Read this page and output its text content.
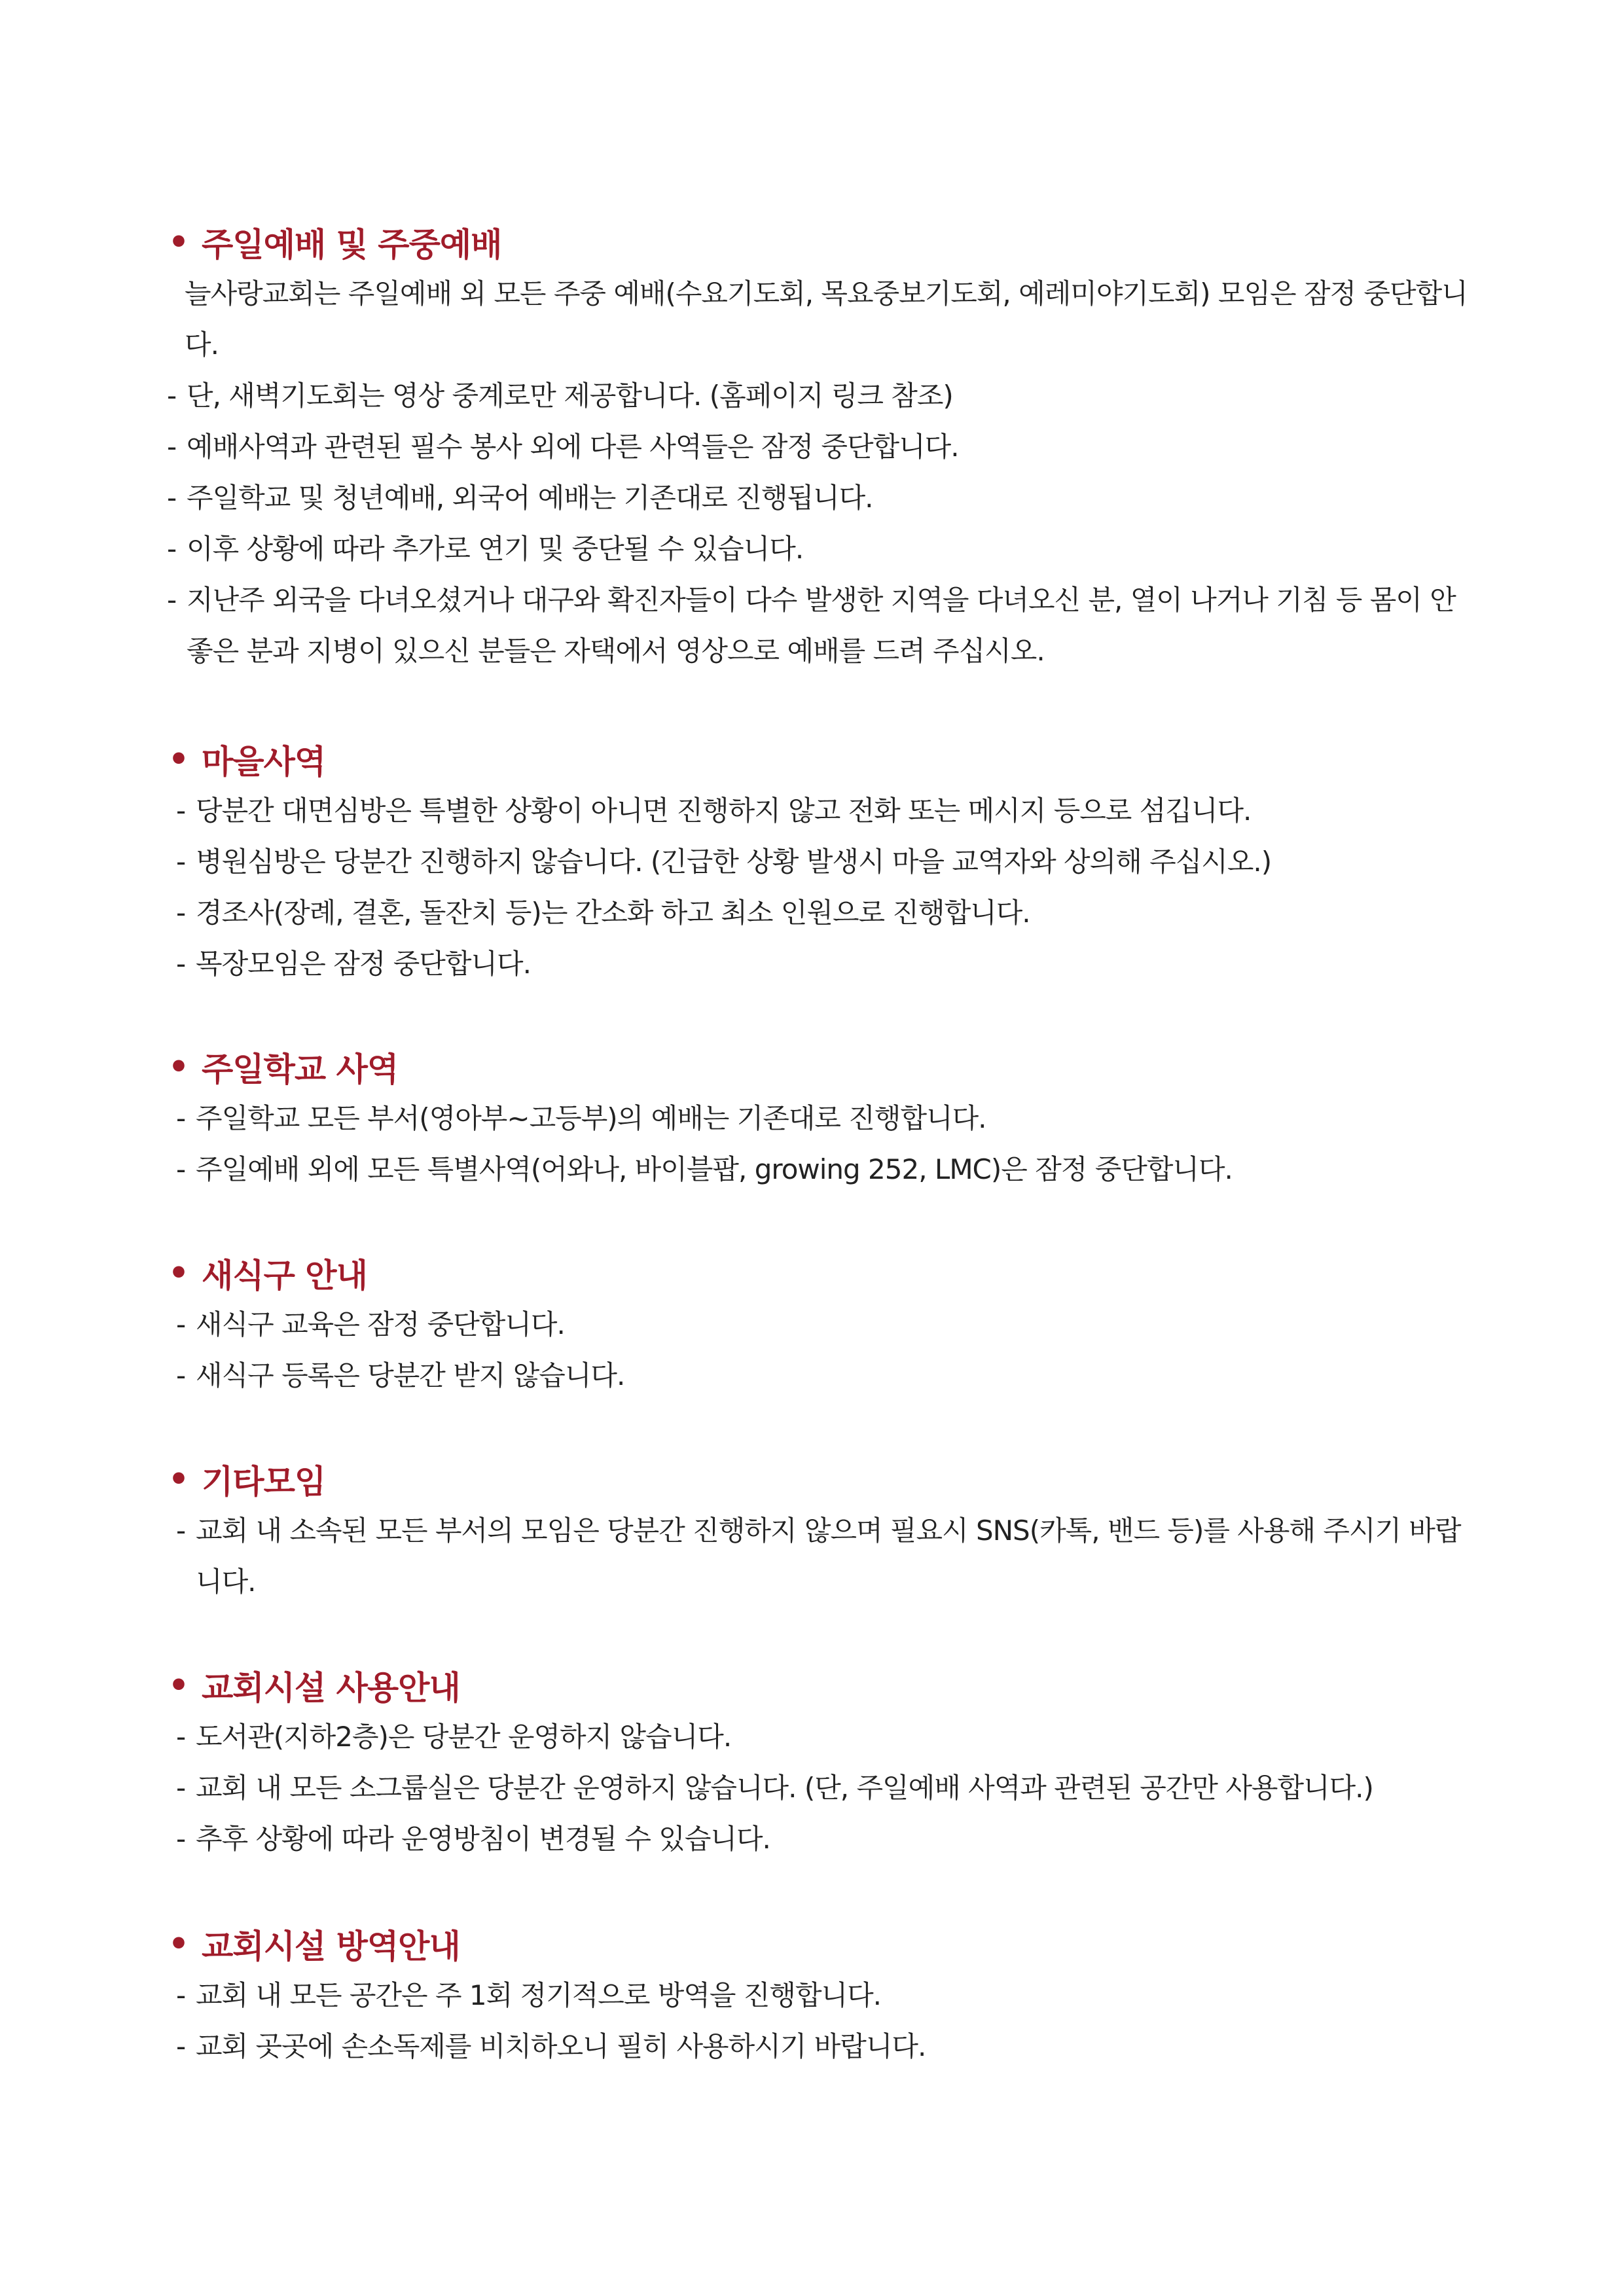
• 주일예배 및 주중예배
늘사랑교회는 주일예배 외 모든 주중 예배(수요기도회, 목요중보기도회, 예레미야기도회) 모임은 잠정 중단합니다.
- 단, 새벽기도회는 영상 중계로만 제공합니다. (홈페이지 링크 참조)
- 예배사역과 관련된 필수 봉사 외에 다른 사역들은 잠정 중단합니다.
- 주일학교 및 청년예배, 외국어 예배는 기존대로 진행됩니다.
- 이후 상황에 따라 추가로 연기 및 중단될 수 있습니다.
- 지난주 외국을 다녀오셨거나 대구와 확진자들이 다수 발생한 지역을 다녀오신 분, 열이 나거나 기침 등 몸이 안 좋은 분과 지병이 있으신 분들은 자택에서 영상으로 예배를 드려 주십시오.
• 마을사역
- 당분간 대면심방은 특별한 상황이 아니면 진행하지 않고 전화 또는 메시지 등으로 섬깁니다.
- 병원심방은 당분간 진행하지 않습니다. (긴급한 상황 발생시 마을 교역자와 상의해 주십시오.)
- 경조사(장례, 결혼, 돌잔치 등)는 간소화 하고 최소 인원으로 진행합니다.
- 목장모임은 잠정 중단합니다.
• 주일학교 사역
- 주일학교 모든 부서(영아부~고등부)의 예배는 기존대로 진행합니다.
- 주일예배 외에 모든 특별사역(어와나, 바이블팝, growing 252, LMC)은 잠정 중단합니다.
• 새식구 안내
- 새식구 교육은 잠정 중단합니다.
- 새식구 등록은 당분간 받지 않습니다.
• 기타모임
- 교회 내 소속된 모든 부서의 모임은 당분간 진행하지 않으며 필요시 SNS(카톡, 밴드 등)를 사용해 주시기 바랍니다.
• 교회시설 사용안내
- 도서관(지하2층)은 당분간 운영하지 않습니다.
- 교회 내 모든 소그룹실은 당분간 운영하지 않습니다. (단, 주일예배 사역과 관련된 공간만 사용합니다.)
- 추후 상황에 따라 운영방침이 변경될 수 있습니다.
• 교회시설 방역안내
- 교회 내 모든 공간은 주 1회 정기적으로 방역을 진행합니다.
- 교회 곳곳에 손소독제를 비치하오니 필히 사용하시기 바랍니다.
